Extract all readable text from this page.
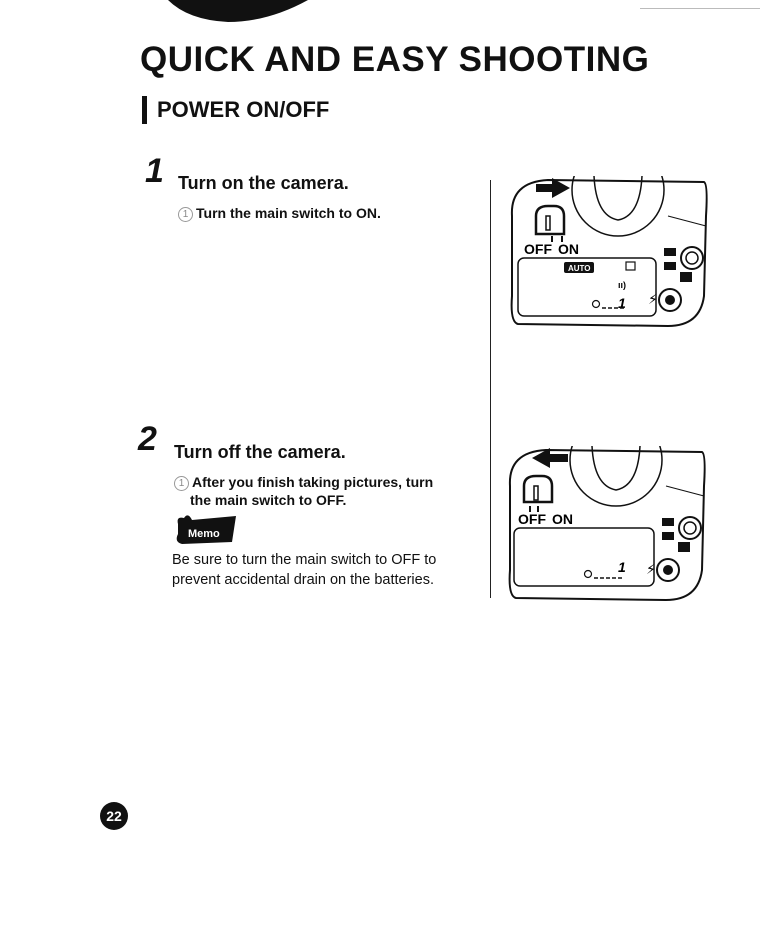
QUICK AND EASY SHOOTING
POWER ON/OFF
1 Turn on the camera.
1 Turn the main switch to ON.
2 Turn off the camera.
1 After you finish taking pictures, turn
the main switch to OFF.
Memo
Be sure to turn the main switch to OFF to
prevent accidental drain on the batteries.
OFF ON
AUTO
ıı)
1 ⚡
OFF ON
1 ⚡
22
